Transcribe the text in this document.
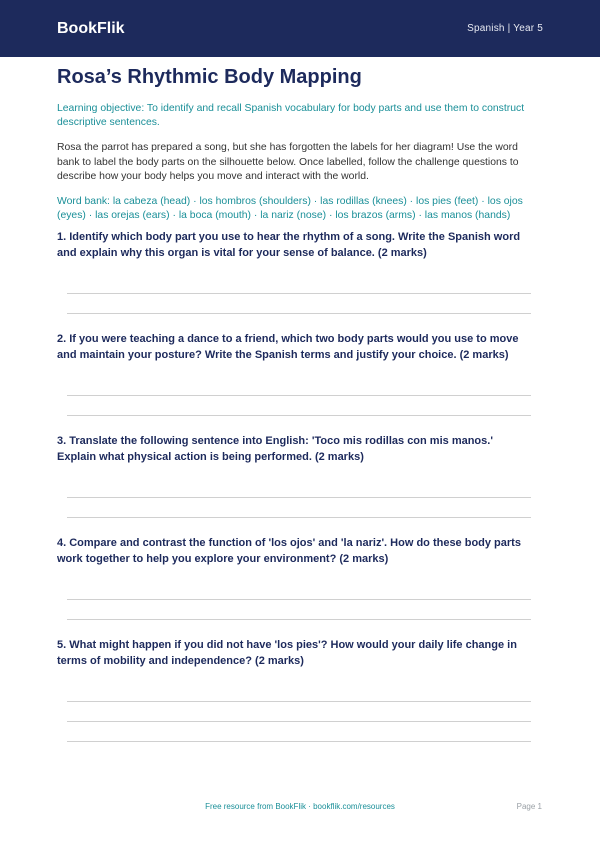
BookFlik	Spanish | Year 5
Rosa’s Rhythmic Body Mapping
Learning objective: To identify and recall Spanish vocabulary for body parts and use them to construct descriptive sentences.
Rosa the parrot has prepared a song, but she has forgotten the labels for her diagram! Use the word bank to label the body parts on the silhouette below. Once labelled, follow the challenge questions to describe how your body helps you move and interact with the world.
Word bank: la cabeza (head) · los hombros (shoulders) · las rodillas (knees) · los pies (feet) · los ojos (eyes) · las orejas (ears) · la boca (mouth) · la nariz (nose) · los brazos (arms) · las manos (hands)
1. Identify which body part you use to hear the rhythm of a song. Write the Spanish word and explain why this organ is vital for your sense of balance. (2 marks)
2. If you were teaching a dance to a friend, which two body parts would you use to move and maintain your posture? Write the Spanish terms and justify your choice. (2 marks)
3. Translate the following sentence into English: 'Toco mis rodillas con mis manos.' Explain what physical action is being performed. (2 marks)
4. Compare and contrast the function of 'los ojos' and 'la nariz'. How do these body parts work together to help you explore your environment? (2 marks)
5. What might happen if you did not have 'los pies'? How would your daily life change in terms of mobility and independence? (2 marks)
Free resource from BookFlik · bookflik.com/resources	Page 1
